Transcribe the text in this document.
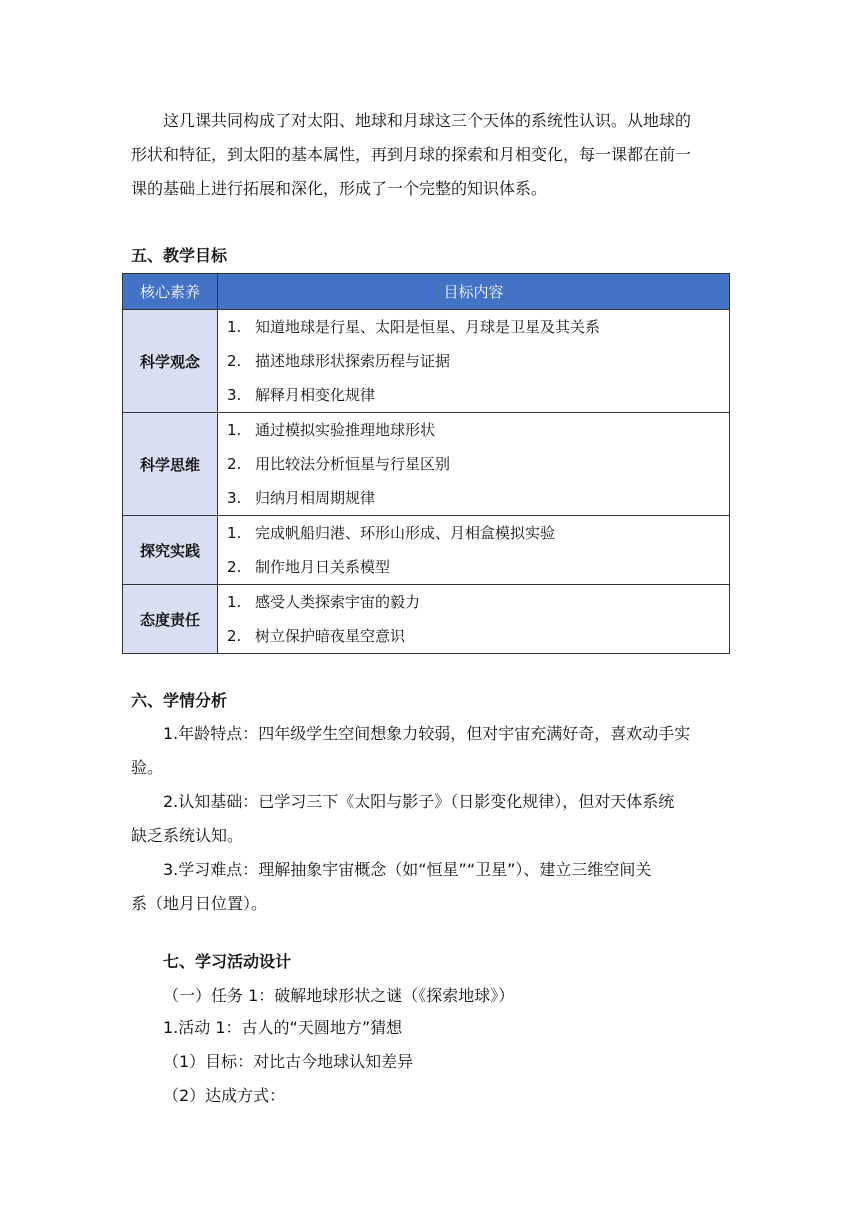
这几课共同构成了对太阳、地球和月球这三个天体的系统性认识。从地球的
形状和特征，到太阳的基本属性，再到月球的探索和月相变化，每一课都在前一
课的基础上进行拓展和深化，形成了一个完整的知识体系。
五、教学目标
核心素养	目标内容
科学观念	1. 知道地球是行星、太阳是恒星、月球是卫星及其关系
2. 描述地球形状探索历程与证据
3. 解释月相变化规律

科学思维	1. 通过模拟实验推理地球形状
2. 用比较法分析恒星与行星区别
3. 归纳月相周期规律

探究实践	1. 完成帆船归港、环形山形成、月相盒模拟实验
2. 制作地月日关系模型

态度责任	1. 感受人类探索宇宙的毅力
2. 树立保护暗夜星空意识
六、学情分析
1.年龄特点：四年级学生空间想象力较弱，但对宇宙充满好奇，喜欢动手实
验。
2.认知基础：已学习三下《太阳与影子》（日影变化规律），但对天体系统
缺乏系统认知。
3.学习难点：理解抽象宇宙概念（如“恒星”“卫星”）、建立三维空间关
系（地月日位置）。
七、学习活动设计
（一）任务 1：破解地球形状之谜（《探索地球》）
1.活动 1：古人的“天圆地方”猜想
（1）目标：对比古今地球认知差异
（2）达成方式：
